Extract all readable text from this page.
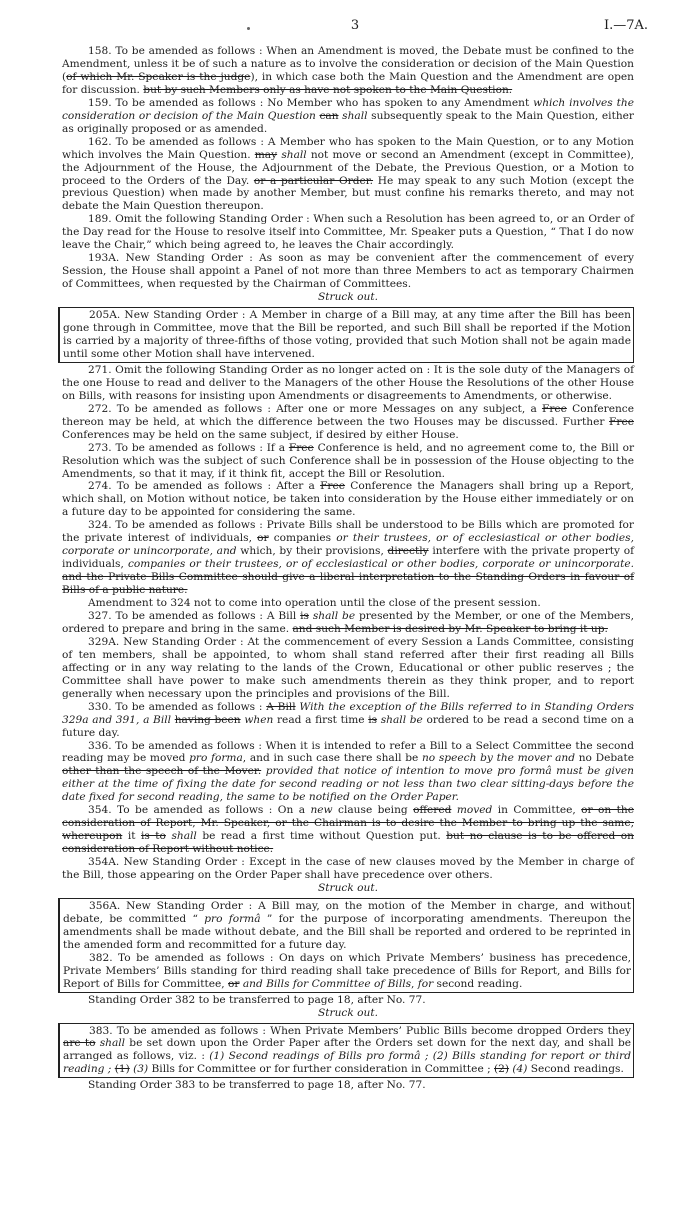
3	I.—7A.

158. To be amended as follows : When an Amendment is moved, the Debate must be confined to the Amendment, unless it be of such a nature as to involve the consideration or decision of the Main Question (of which Mr. Speaker is the judge), in which case both the Main Question and the Amendment are open for discussion. but by such Members only as have not spoken to the Main Question.

159. To be amended as follows : No Member who has spoken to any Amendment which involves the consideration or decision of the Main Question can shall subsequently speak to the Main Question, either as originally proposed or as amended.

162. To be amended as follows : A Member who has spoken to the Main Question, or to any Motion which involves the Main Question. may shall not move or second an Amendment (except in Committee), the Adjournment of the House, the Adjournment of the Debate, the Previous Question, or a Motion to proceed to the Orders of the Day. or a particular Order. He may speak to any such Motion (except the previous Question) when made by another Member, but must confine his remarks thereto, and may not debate the Main Question thereupon.

189. Omit the following Standing Order : When such a Resolution has been agreed to, or an Order of the Day read for the House to resolve itself into Committee, Mr. Speaker puts a Question, “ That I do now leave the Chair,” which being agreed to, he leaves the Chair accordingly.

193A. New Standing Order : As soon as may be convenient after the commencement of every Session, the House shall appoint a Panel of not more than three Members to act as temporary Chairmen of Committees, when requested by the Chairman of Committees.

Struck out.

205A. New Standing Order : A Member in charge of a Bill may, at any time after the Bill has been gone through in Committee, move that the Bill be reported, and such Bill shall be reported if the Motion is carried by a majority of three-fifths of those voting, provided that such Motion shall not be again made until some other Motion shall have intervened.

271. Omit the following Standing Order as no longer acted on : It is the sole duty of the Managers of the one House to read and deliver to the Managers of the other House the Resolutions of the other House on Bills, with reasons for insisting upon Amendments or disagreements to Amendments, or otherwise.

272. To be amended as follows : After one or more Messages on any subject, a Free Conference thereon may be held, at which the difference between the two Houses may be discussed. Further Free Conferences may be held on the same subject, if desired by either House.

273. To be amended as follows : If a Free Conference is held, and no agreement come to, the Bill or Resolution which was the subject of such Conference shall be in possession of the House objecting to the Amendments, so that it may, if it think fit, accept the Bill or Resolution.

274. To be amended as follows : After a Free Conference the Managers shall bring up a Report, which shall, on Motion without notice, be taken into consideration by the House either immediately or on a future day to be appointed for considering the same.

324. To be amended as follows : Private Bills shall be understood to be Bills which are promoted for the private interest of individuals, or companies or their trustees, or of ecclesiastical or other bodies, corporate or unincorporate, and which, by their provisions, directly interfere with the private property of individuals, companies or their trustees, or of ecclesiastical or other bodies, corporate or unincorporate. and the Private Bills Committee should give a liberal interpretation to the Standing Orders in favour of Bills of a public nature.

Amendment to 324 not to come into operation until the close of the present session.

327. To be amended as follows : A Bill is shall be presented by the Member, or one of the Members, ordered to prepare and bring in the same. and such Member is desired by Mr. Speaker to bring it up.

329A. New Standing Order : At the commencement of every Session a Lands Committee, consisting of ten members, shall be appointed, to whom shall stand referred after their first reading all Bills affecting or in any way relating to the lands of the Crown, Educational or other public reserves ; the Committee shall have power to make such amendments therein as they think proper, and to report generally when necessary upon the principles and provisions of the Bill.

330. To be amended as follows : A Bill With the exception of the Bills referred to in Standing Orders 329a and 391, a Bill having been when read a first time is shall be ordered to be read a second time on a future day.

336. To be amended as follows : When it is intended to refer a Bill to a Select Committee the second reading may be moved pro forma, and in such case there shall be no speech by the mover and no Debate other than the speech of the Mover. provided that notice of intention to move pro formâ must be given either at the time of fixing the date for second reading or not less than two clear sitting-days before the date fixed for second reading, the same to be notified on the Order Paper.

354. To be amended as follows : On a new clause being offered moved in Committee, or on the consideration of Report, Mr. Speaker, or the Chairman is to desire the Member to bring up the same, whereupon it is to shall be read a first time without Question put. but no clause is to be offered on consideration of Report without notice.

354A. New Standing Order : Except in the case of new clauses moved by the Member in charge of the Bill, those appearing on the Order Paper shall have precedence over others.

Struck out.

356A. New Standing Order : A Bill may, on the motion of the Member in charge, and without debate, be committed “ pro formâ ” for the purpose of incorporating amendments. Thereupon the amendments shall be made without debate, and the Bill shall be reported and ordered to be reprinted in the amended form and recommitted for a future day.

382. To be amended as follows : On days on which Private Members’ business has precedence, Private Members’ Bills standing for third reading shall take precedence of Bills for Report, and Bills for Report of Bills for Committee, or and Bills for Committee of Bills, for second reading.

Standing Order 382 to be transferred to page 18, after No. 77.

Struck out.

383. To be amended as follows : When Private Members’ Public Bills become dropped Orders they are to shall be set down upon the Order Paper after the Orders set down for the next day, and shall be arranged as follows, viz. : (1) Second readings of Bills pro formâ ; (2) Bills standing for report or third reading ; (1) (3) Bills for Committee or for further consideration in Committee ; (2) (4) Second readings.

Standing Order 383 to be transferred to page 18, after No. 77.
